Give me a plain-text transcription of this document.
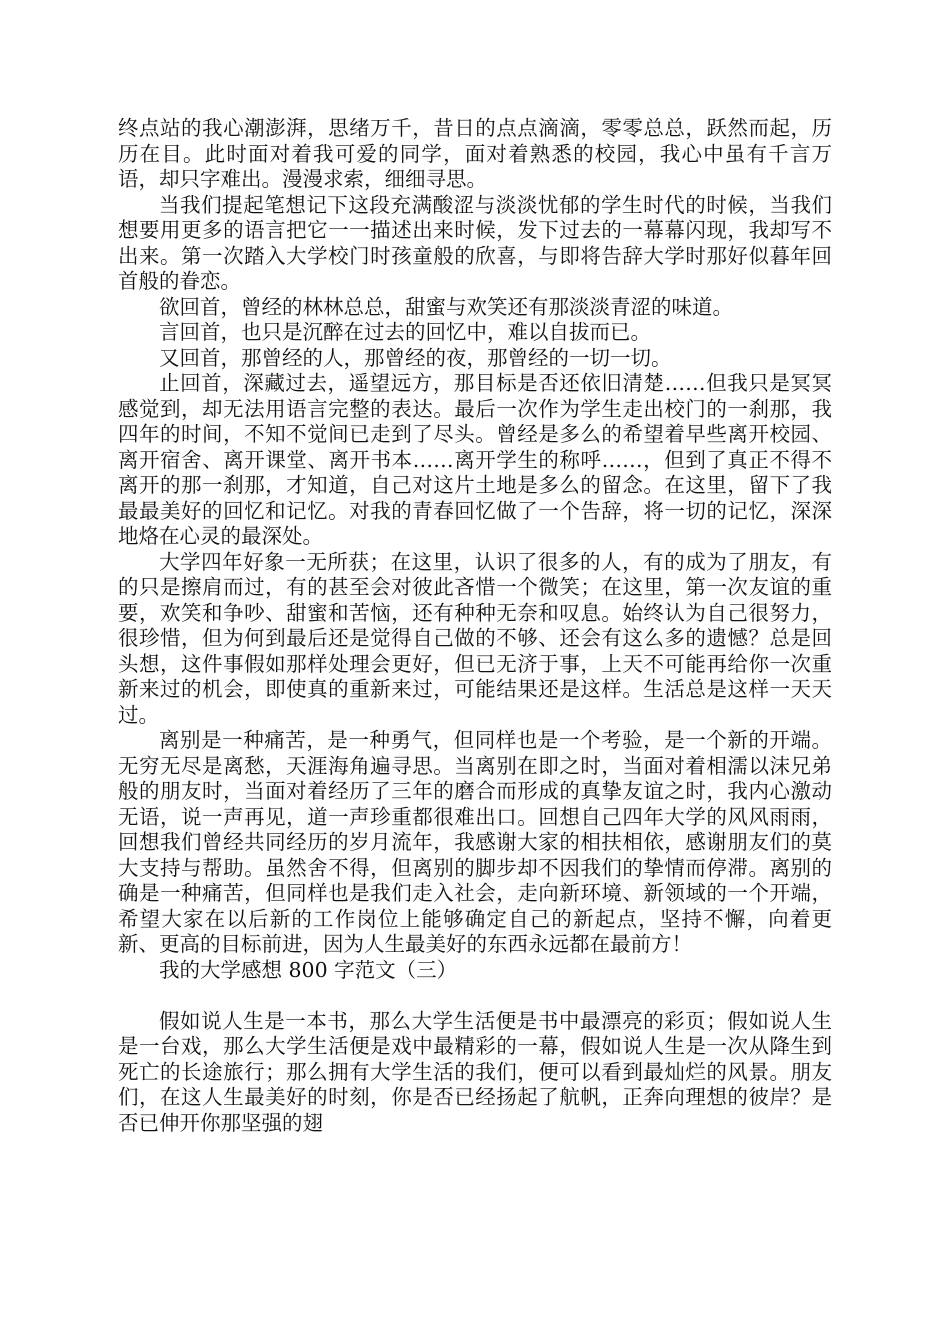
终点站的我心潮澎湃，思绪万千，昔日的点点滴滴，零零总总，跃然而起，历历在目。此时面对着我可爱的同学，面对着熟悉的校园，我心中虽有千言万语，却只字难出。漫漫求索，细细寻思。

当我们提起笔想记下这段充满酸涩与淡淡忧郁的学生时代的时候，当我们想要用更多的语言把它一一描述出来时候，发下过去的一幕幕闪现，我却写不出来。第一次踏入大学校门时孩童般的欣喜，与即将告辞大学时那好似暮年回首般的眷恋。

欲回首，曾经的林林总总，甜蜜与欢笑还有那淡淡青涩的味道。

言回首，也只是沉醉在过去的回忆中，难以自拔而已。

又回首，那曾经的人，那曾经的夜，那曾经的一切一切。

止回首，深藏过去，遥望远方，那目标是否还依旧清楚……但我只是冥冥感觉到，却无法用语言完整的表达。最后一次作为学生走出校门的一刹那，我四年的时间，不知不觉间已走到了尽头。曾经是多么的希望着早些离开校园、离开宿舍、离开课堂、离开书本……离开学生的称呼……，但到了真正不得不离开的那一刹那，才知道，自己对这片土地是多么的留念。在这里，留下了我最最美好的回忆和记忆。对我的青春回忆做了一个告辞，将一切的记忆，深深地烙在心灵的最深处。

大学四年好象一无所获；在这里，认识了很多的人，有的成为了朋友，有的只是擦肩而过，有的甚至会对彼此吝惜一个微笑；在这里，第一次友谊的重要，欢笑和争吵、甜蜜和苦恼，还有种种无奈和叹息。始终认为自己很努力，很珍惜，但为何到最后还是觉得自己做的不够、还会有这么多的遗憾？总是回头想，这件事假如那样处理会更好，但已无济于事，上天不可能再给你一次重新来过的机会，即使真的重新来过，可能结果还是这样。生活总是这样一天天过。

离别是一种痛苦，是一种勇气，但同样也是一个考验，是一个新的开端。无穷无尽是离愁，天涯海角遍寻思。当离别在即之时，当面对着相濡以沫兄弟般的朋友时，当面对着经历了三年的磨合而形成的真挚友谊之时，我内心激动无语，说一声再见，道一声珍重都很难出口。回想自己四年大学的风风雨雨，回想我们曾经共同经历的岁月流年，我感谢大家的相扶相依，感谢朋友们的莫大支持与帮助。虽然舍不得，但离别的脚步却不因我们的挚情而停滞。离别的确是一种痛苦，但同样也是我们走入社会，走向新环境、新领域的一个开端，希望大家在以后新的工作岗位上能够确定自己的新起点，坚持不懈，向着更新、更高的目标前进，因为人生最美好的东西永远都在最前方！

我的大学感想 800 字范文（三）

假如说人生是一本书，那么大学生活便是书中最漂亮的彩页；假如说人生是一台戏，那么大学生活便是戏中最精彩的一幕，假如说人生是一次从降生到死亡的长途旅行；那么拥有大学生活的我们，便可以看到最灿烂的风景。朋友们，在这人生最美好的时刻，你是否已经扬起了航帆，正奔向理想的彼岸？是否已伸开你那坚强的翅
